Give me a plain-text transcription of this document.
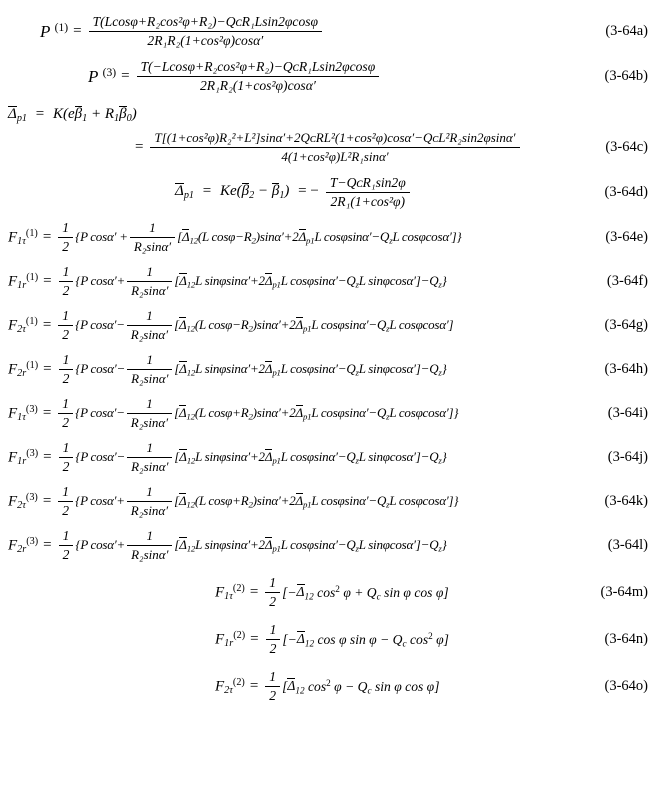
P $^{(1)} = \frac{\text{T(Lcosφ+R₂cos²φ+R₂)−QᴄR₁Lsin2φcosφ}}{\text{2R₁R₂(1+cos²φ)cosα′}}$	(3-64a)
P $^{(3)} = \frac{\text{T(−Lcosφ+R₂cos²φ+R₂)−QᴄR₁Lsin2φcosφ}}{\text{2R₁R₂(1+cos²φ)cosα′}}$	(3-64b)
$\Delta_{p1} = K(e\beta_1 + R_1\beta_0)$
=
T[(1+cos²φ)R₂²+L²]sinα′+2QᴄRL²(1+cos²φ)cosα′−QᴄL²R₂sin2φsinα′
4(1+cos²φ)L²R₁sinα′
(3-64c)
$\Delta_{p1} = Ke(\beta_2 - \beta_1)$ = − $\frac{\text{T−QᴄR₁sin2φ}}{\text{2R₁(1+cos²φ)}}$	(3-64d)
$F_{1\tau}^{(1)} = \frac{1}{2} \{P$ $\cos\alpha' + \frac{1}{\text{R₂sinα′}} [\Delta_{12}(L$ $\cos\varphi-R_2)\sin\alpha'+2\Delta_{p1}L$ $\cos\varphi\sin\alpha'-Q_zL$ cosφcosα′]}	(3-64e)
$F_{1r}^{(1)} = \frac{1}{2} \{P$ $\cos\alpha'+ \frac{1}{\text{R₂sinα′}} [\Delta_{12}L$ $\sin\varphi\sin\alpha'+2\Delta_{p1}L$ $\cos\varphi\sin\alpha'-Q_zL$ $\sin\varphi\cos\alpha']-Q_z$}	(3-64f)
$F_{2\tau}^{(1)} = \frac{1}{2} \{P$ $\cos\alpha'- \frac{1}{\text{R₂sinα′}} [\Delta_{12}(L$ $\cos\varphi-R_2)\sin\alpha'+2\Delta_{p1}L$ $\cos\varphi\sin\alpha'-Q_zL$ cosφcosα′]	(3-64g)
$F_{2r}^{(1)} = \frac{1}{2} \{P$ $\cos\alpha'- \frac{1}{\text{R₂sinα′}} [\Delta_{12}L$ $\sin\varphi\sin\alpha'+2\Delta_{p1}L$ $\cos\varphi\sin\alpha'-Q_zL$ $\sin\varphi\cos\alpha']-Q_z$}	(3-64h)
$F_{1\tau}^{(3)} = \frac{1}{2} \{P$ $\cos\alpha'- \frac{1}{\text{R₂sinα′}} [\Delta_{12}(L$ $\cos\varphi+R_2)\sin\alpha'+2\Delta_{p1}L$ $\cos\varphi\sin\alpha'-Q_zL$ cosφcosα′]}	(3-64i)
$F_{1r}^{(3)} = \frac{1}{2} \{P$ $\cos\alpha'- \frac{1}{\text{R₂sinα′}} [\Delta_{12}L$ $\sin\varphi\sin\alpha'+2\Delta_{p1}L$ $\cos\varphi\sin\alpha'-Q_zL$ $\sin\varphi\cos\alpha']-Q_z$}	(3-64j)
$F_{2\tau}^{(3)} = \frac{1}{2} \{P$ $\cos\alpha'+ \frac{1}{\text{R₂sinα′}} [\Delta_{12}(L$ $\cos\varphi+R_2)\sin\alpha'+2\Delta_{p1}L$ $\cos\varphi\sin\alpha'-Q_zL$ cosφcosα′]}	(3-64k)
$F_{2r}^{(3)} = \frac{1}{2} \{P$ $\cos\alpha'+ \frac{1}{\text{R₂sinα′}} [\Delta_{12}L$ $\sin\varphi\sin\alpha'+2\Delta_{p1}L$ $\cos\varphi\sin\alpha'-Q_zL$ $\sin\varphi\cos\alpha']-Q_z$}	(3-64l)
$F_{1\tau}^{(2)} = \frac{1}{2} [-\Delta_{12}$ $\cos^2 \varphi + Q_c$ sin φ cos φ]	(3-64m)
$F_{1r}^{(2)} = \frac{1}{2} [-\Delta_{12}$ cos φ $\sin \varphi - Q_c$ $\cos^2 \varphi$]	(3-64n)
$F_{2\tau}^{(2)} = \frac{1}{2} [\Delta_{12}$ $\cos^2 \varphi - Q_c$ sin φ cos φ]	(3-64o)
